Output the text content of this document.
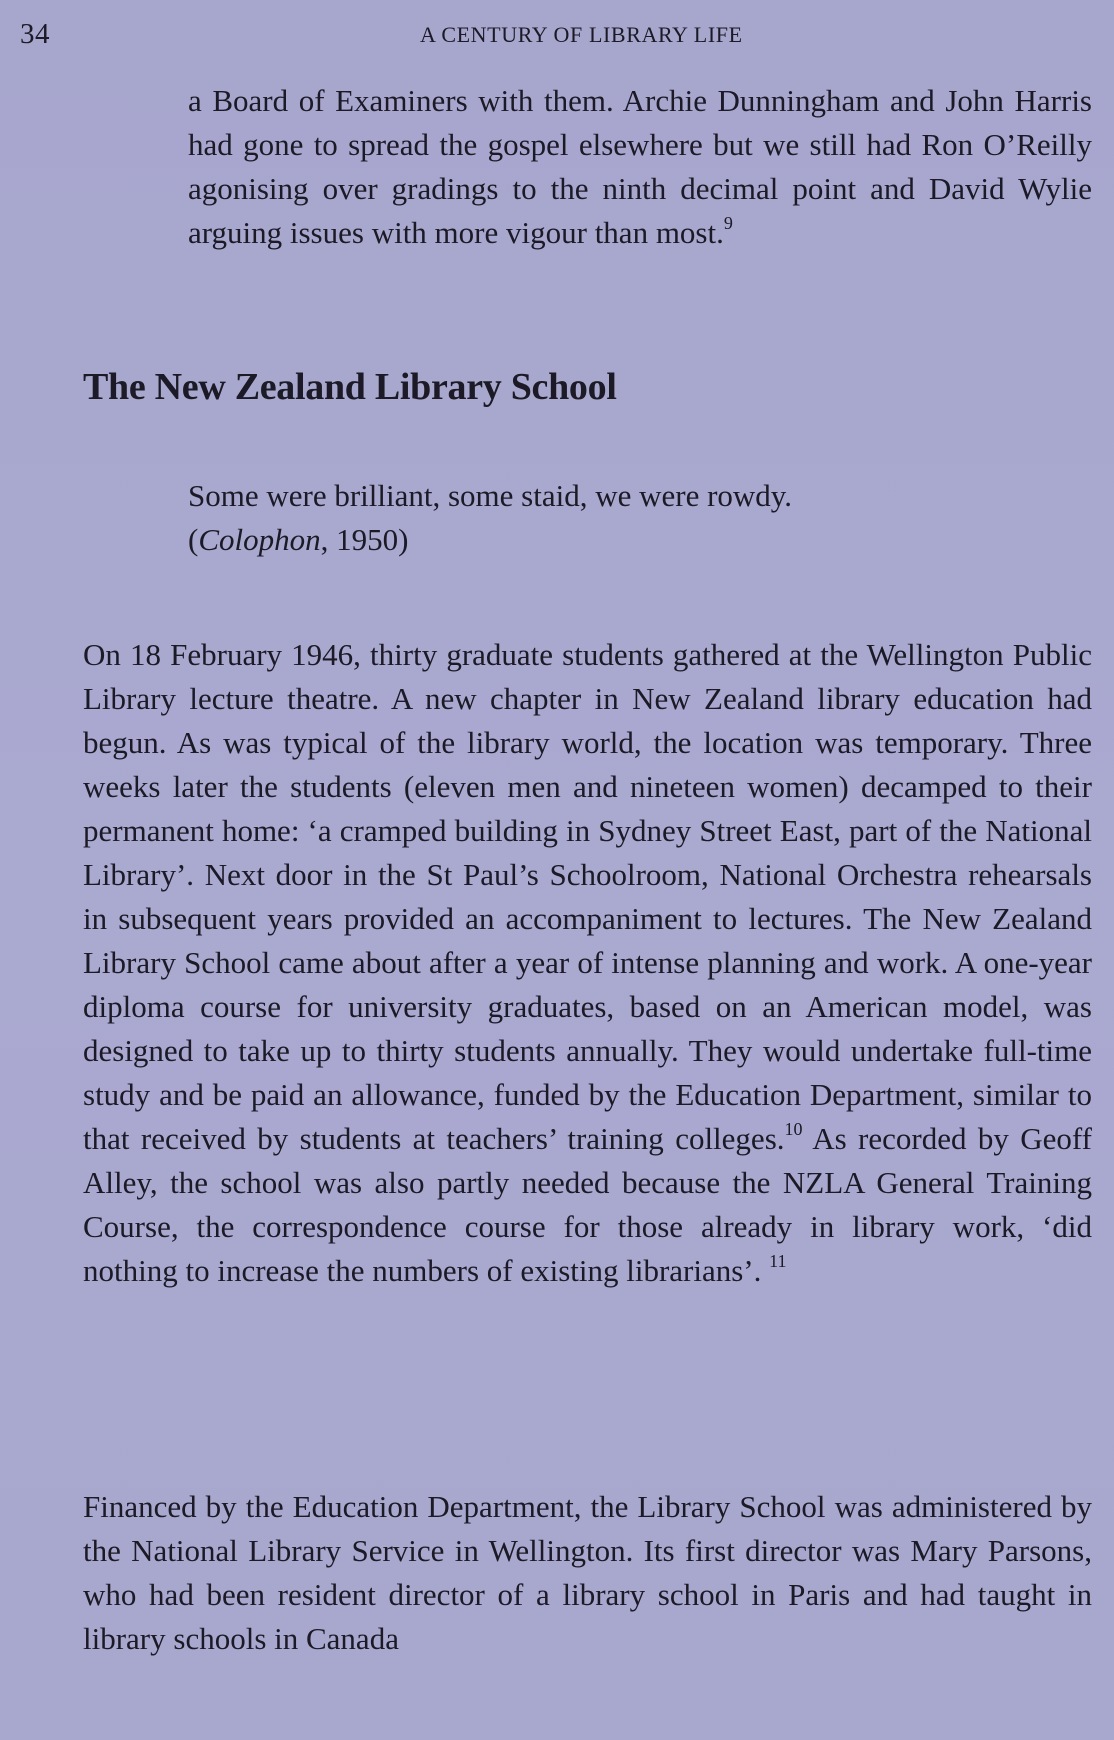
34	A CENTURY OF LIBRARY LIFE

a Board of Examiners with them. Archie Dunningham and John Harris had gone to spread the gospel elsewhere but we still had Ron O’Reilly agonising over gradings to the ninth decimal point and David Wylie arguing issues with more vigour than most.$^9$

The New Zealand Library School
Some were brilliant, some staid, we were rowdy.
(Colophon, 1950)

On 18 February 1946, thirty graduate students gathered at the Wellington Public Library lecture theatre. A new chapter in New Zealand library education had begun. As was typical of the library world, the location was temporary. Three weeks later the students (eleven men and nineteen women) decamped to their permanent home: ‘a cramped building in Sydney Street East, part of the National Library’. Next door in the St Paul’s Schoolroom, National Orchestra rehearsals in subsequent years provided an accompaniment to lectures. The New Zealand Library School came about after a year of intense planning and work. A one-year diploma course for university graduates, based on an American model, was designed to take up to thirty students annually. They would undertake full-time study and be paid an allowance, funded by the Education Department, similar to that received by students at teachers’ training colleges.$^{10}$ As recorded by Geoff Alley, the school was also partly needed because the NZLA General Training Course, the correspondence course for those already in library work, ‘did nothing to increase the numbers of existing librarians’. $^{11}$

Financed by the Education Department, the Library School was administered by the National Library Service in Wellington. Its first director was Mary Parsons, who had been resident director of a library school in Paris and had taught in library schools in Canada
